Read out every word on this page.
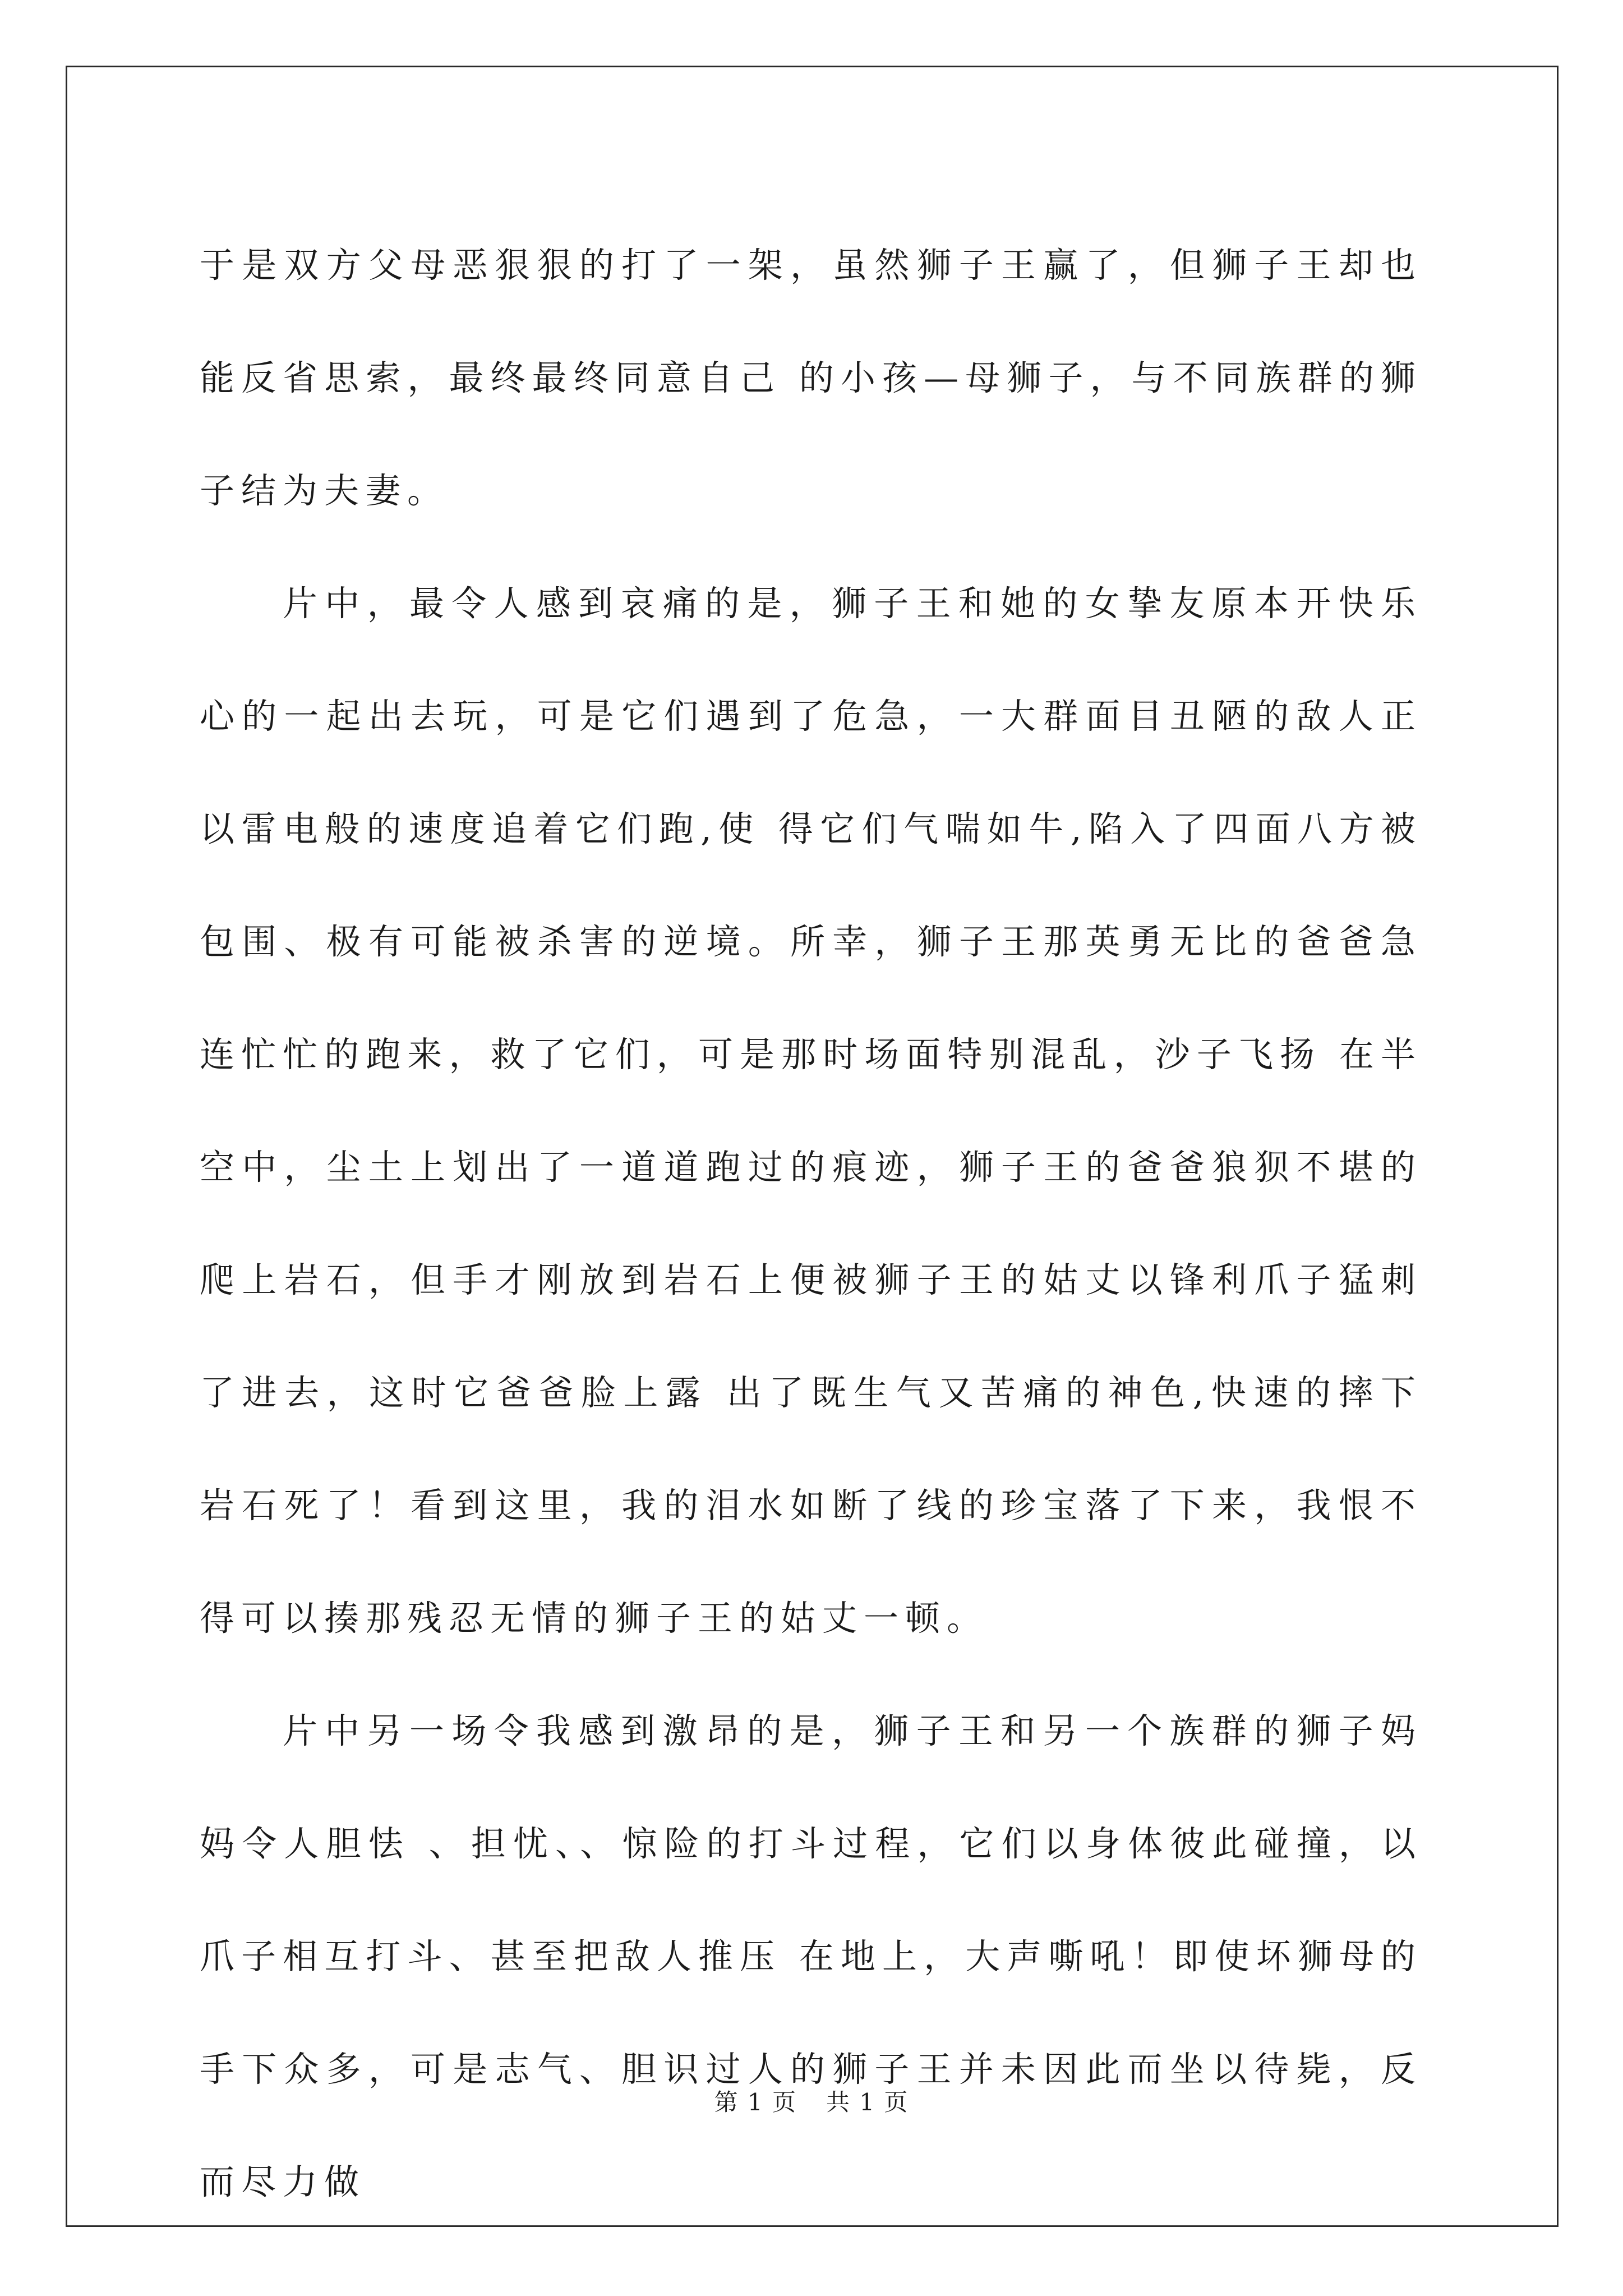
于是双方父母恶狠狠的打了一架，虽然狮子王赢了，但狮子王却也能反省思索，最终最终同意自己 的小孩—母狮子，与不同族群的狮子结为夫妻。

片中，最令人感到哀痛的是，狮子王和她的女挚友原本开快乐心的一起出去玩，可是它们遇到了危急，一大群面目丑陋的敌人正以雷电般的速度追着它们跑,使 得它们气喘如牛,陷入了四面八方被包围、极有可能被杀害的逆境。所幸，狮子王那英勇无比的爸爸急连忙忙的跑来，救了它们，可是那时场面特别混乱，沙子飞扬 在半空中，尘土上划出了一道道跑过的痕迹，狮子王的爸爸狼狈不堪的爬上岩石，但手才刚放到岩石上便被狮子王的姑丈以锋利爪子猛刺了进去，这时它爸爸脸上露 出了既生气又苦痛的神色,快速的摔下岩石死了！看到这里，我的泪水如断了线的珍宝落了下来，我恨不得可以揍那残忍无情的狮子王的姑丈一顿。

片中另一场令我感到激昂的是，狮子王和另一个族群的狮子妈妈令人胆怯 、担忧、、惊险的打斗过程，它们以身体彼此碰撞，以爪子相互打斗、甚至把敌人推压 在地上，大声嘶吼！即使坏狮母的手下众多，可是志气、胆识过人的狮子王并未因此而坐以待毙，反而尽力做

第 1 页 共 1 页
